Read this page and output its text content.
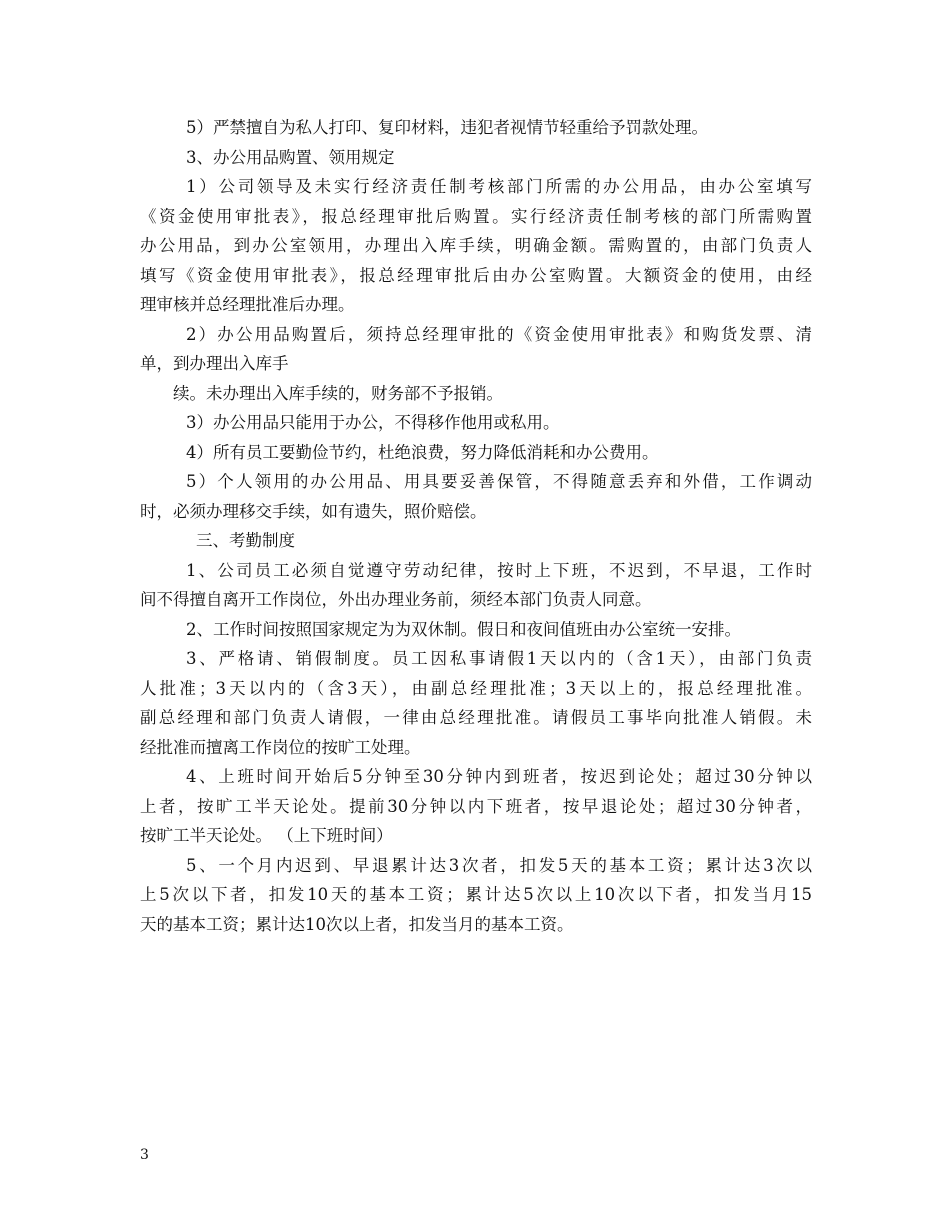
5）严禁擅自为私人打印、复印材料，违犯者视情节轻重给予罚款处理。
3、办公用品购置、领用规定
1）公司领导及未实行经济责任制考核部门所需的办公用品，由办公室填写
《资金使用审批表》，报总经理审批后购置。实行经济责任制考核的部门所需购置
办公用品，到办公室领用，办理出入库手续，明确金额。需购置的，由部门负责人
填写《资金使用审批表》，报总经理审批后由办公室购置。大额资金的使用，由经
理审核并总经理批准后办理。
2）办公用品购置后，须持总经理审批的《资金使用审批表》和购货发票、清
单，到办理出入库手
续。未办理出入库手续的，财务部不予报销。
3）办公用品只能用于办公，不得移作他用或私用。
4）所有员工要勤俭节约，杜绝浪费，努力降低消耗和办公费用。
5）个人领用的办公用品、用具要妥善保管，不得随意丢弃和外借，工作调动
时，必须办理移交手续，如有遗失，照价赔偿。
三、考勤制度
1、公司员工必须自觉遵守劳动纪律，按时上下班，不迟到，不早退，工作时
间不得擅自离开工作岗位，外出办理业务前，须经本部门负责人同意。
2、工作时间按照国家规定为为双休制。假日和夜间值班由办公室统一安排。
3、严格请、销假制度。员工因私事请假1天以内的（含1天），由部门负责
人批准；3天以内的（含3天），由副总经理批准；3天以上的，报总经理批准。
副总经理和部门负责人请假，一律由总经理批准。请假员工事毕向批准人销假。未
经批准而擅离工作岗位的按旷工处理。
4、上班时间开始后5分钟至30分钟内到班者，按迟到论处；超过30分钟以
上者，按旷工半天论处。提前30分钟以内下班者，按早退论处；超过30分钟者，
按旷工半天论处。 （上下班时间）
5、一个月内迟到、早退累计达3次者，扣发5天的基本工资；累计达3次以
上5次以下者，扣发10天的基本工资；累计达5次以上10次以下者，扣发当月15
天的基本工资；累计达10次以上者，扣发当月的基本工资。
3
